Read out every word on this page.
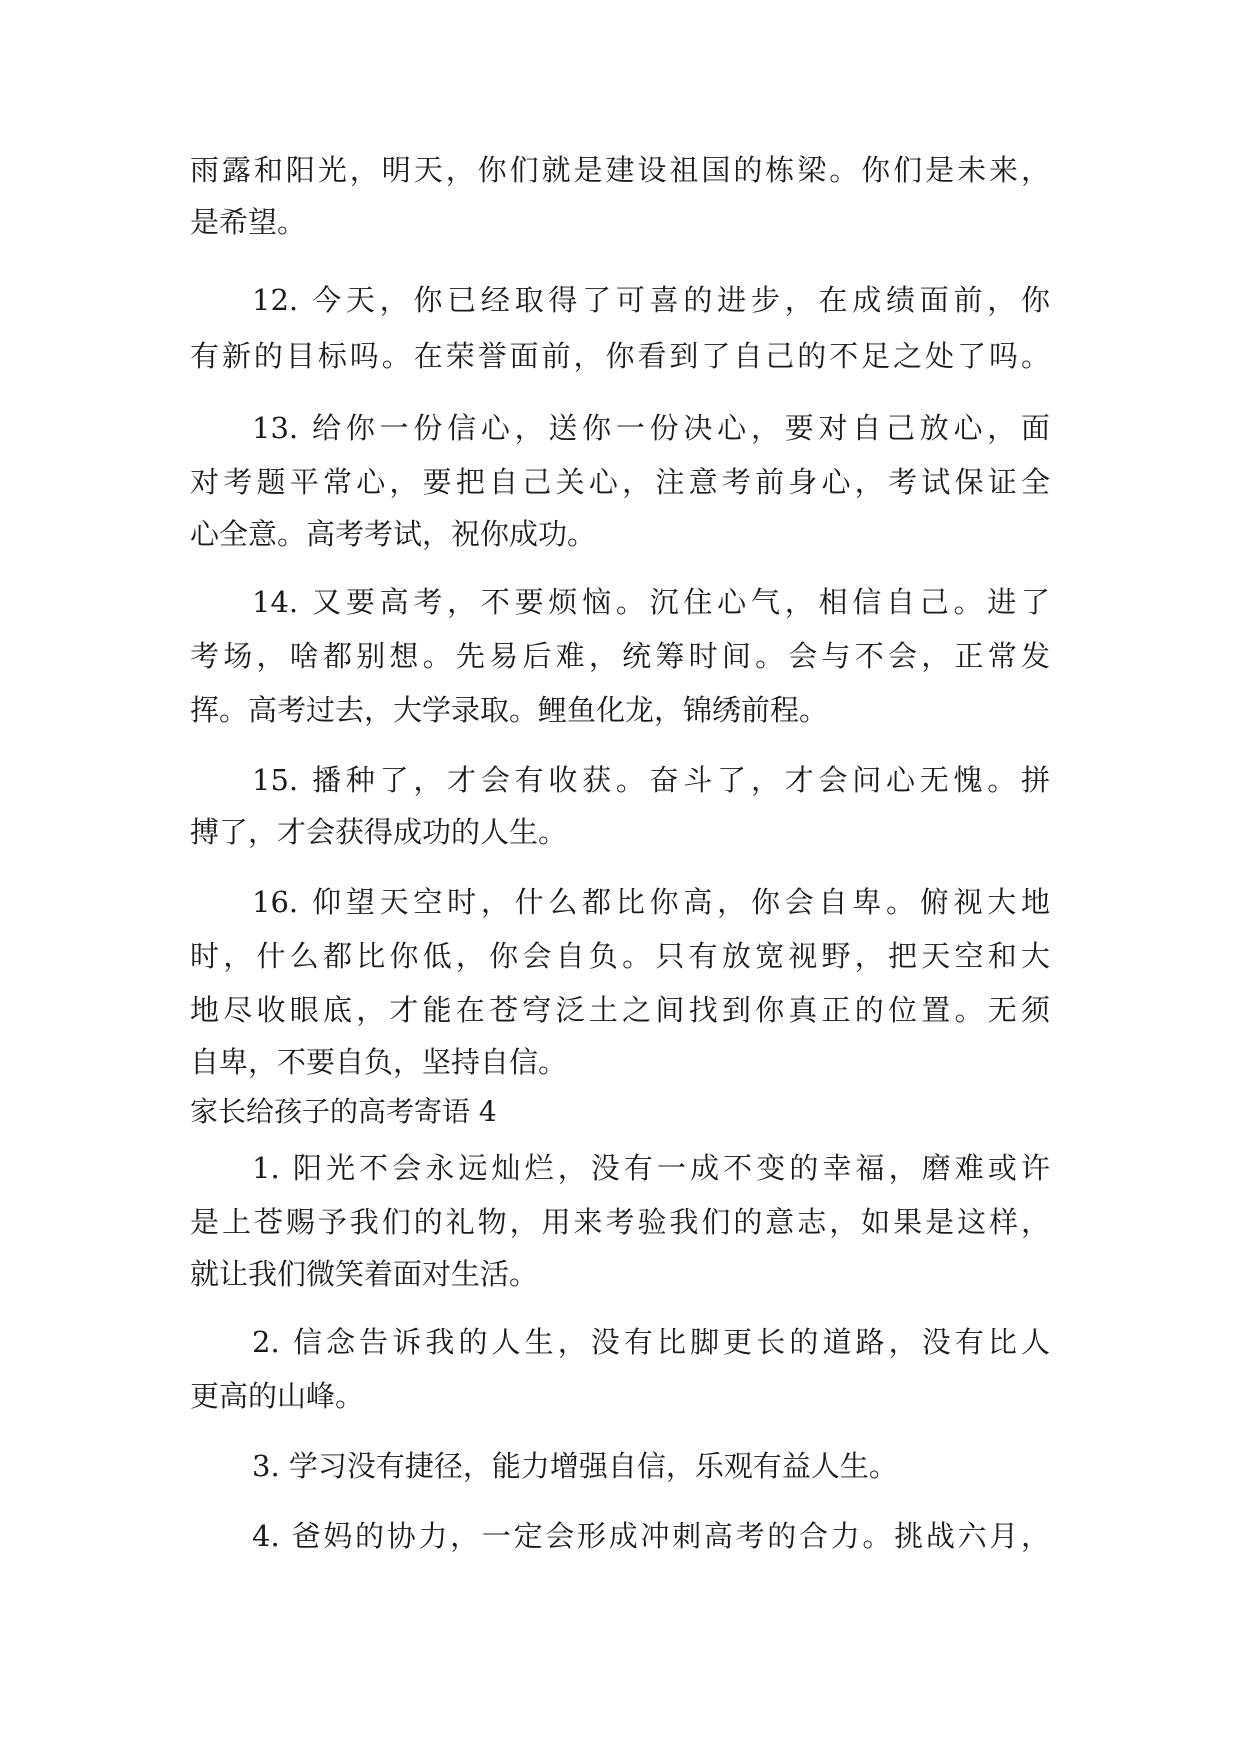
雨露和阳光，明天，你们就是建设祖国的栋梁。你们是未来，
是希望。
12. 今天，你已经取得了可喜的进步，在成绩面前，你
有新的目标吗。在荣誉面前，你看到了自己的不足之处了吗。
13. 给你一份信心，送你一份决心，要对自己放心，面
对考题平常心，要把自己关心，注意考前身心，考试保证全
心全意。高考考试，祝你成功。
14. 又要高考，不要烦恼。沉住心气，相信自己。进了
考场，啥都别想。先易后难，统筹时间。会与不会，正常发
挥。高考过去，大学录取。鲤鱼化龙，锦绣前程。
15. 播种了，才会有收获。奋斗了，才会问心无愧。拼
搏了，才会获得成功的人生。
16. 仰望天空时，什么都比你高，你会自卑。俯视大地
时，什么都比你低，你会自负。只有放宽视野，把天空和大
地尽收眼底，才能在苍穹泛土之间找到你真正的位置。无须
自卑，不要自负，坚持自信。
家长给孩子的高考寄语 4
1. 阳光不会永远灿烂，没有一成不变的幸福，磨难或许
是上苍赐予我们的礼物，用来考验我们的意志，如果是这样，
就让我们微笑着面对生活。
2. 信念告诉我的人生，没有比脚更长的道路，没有比人
更高的山峰。
3. 学习没有捷径，能力增强自信，乐观有益人生。
4. 爸妈的协力，一定会形成冲刺高考的合力。挑战六月，
